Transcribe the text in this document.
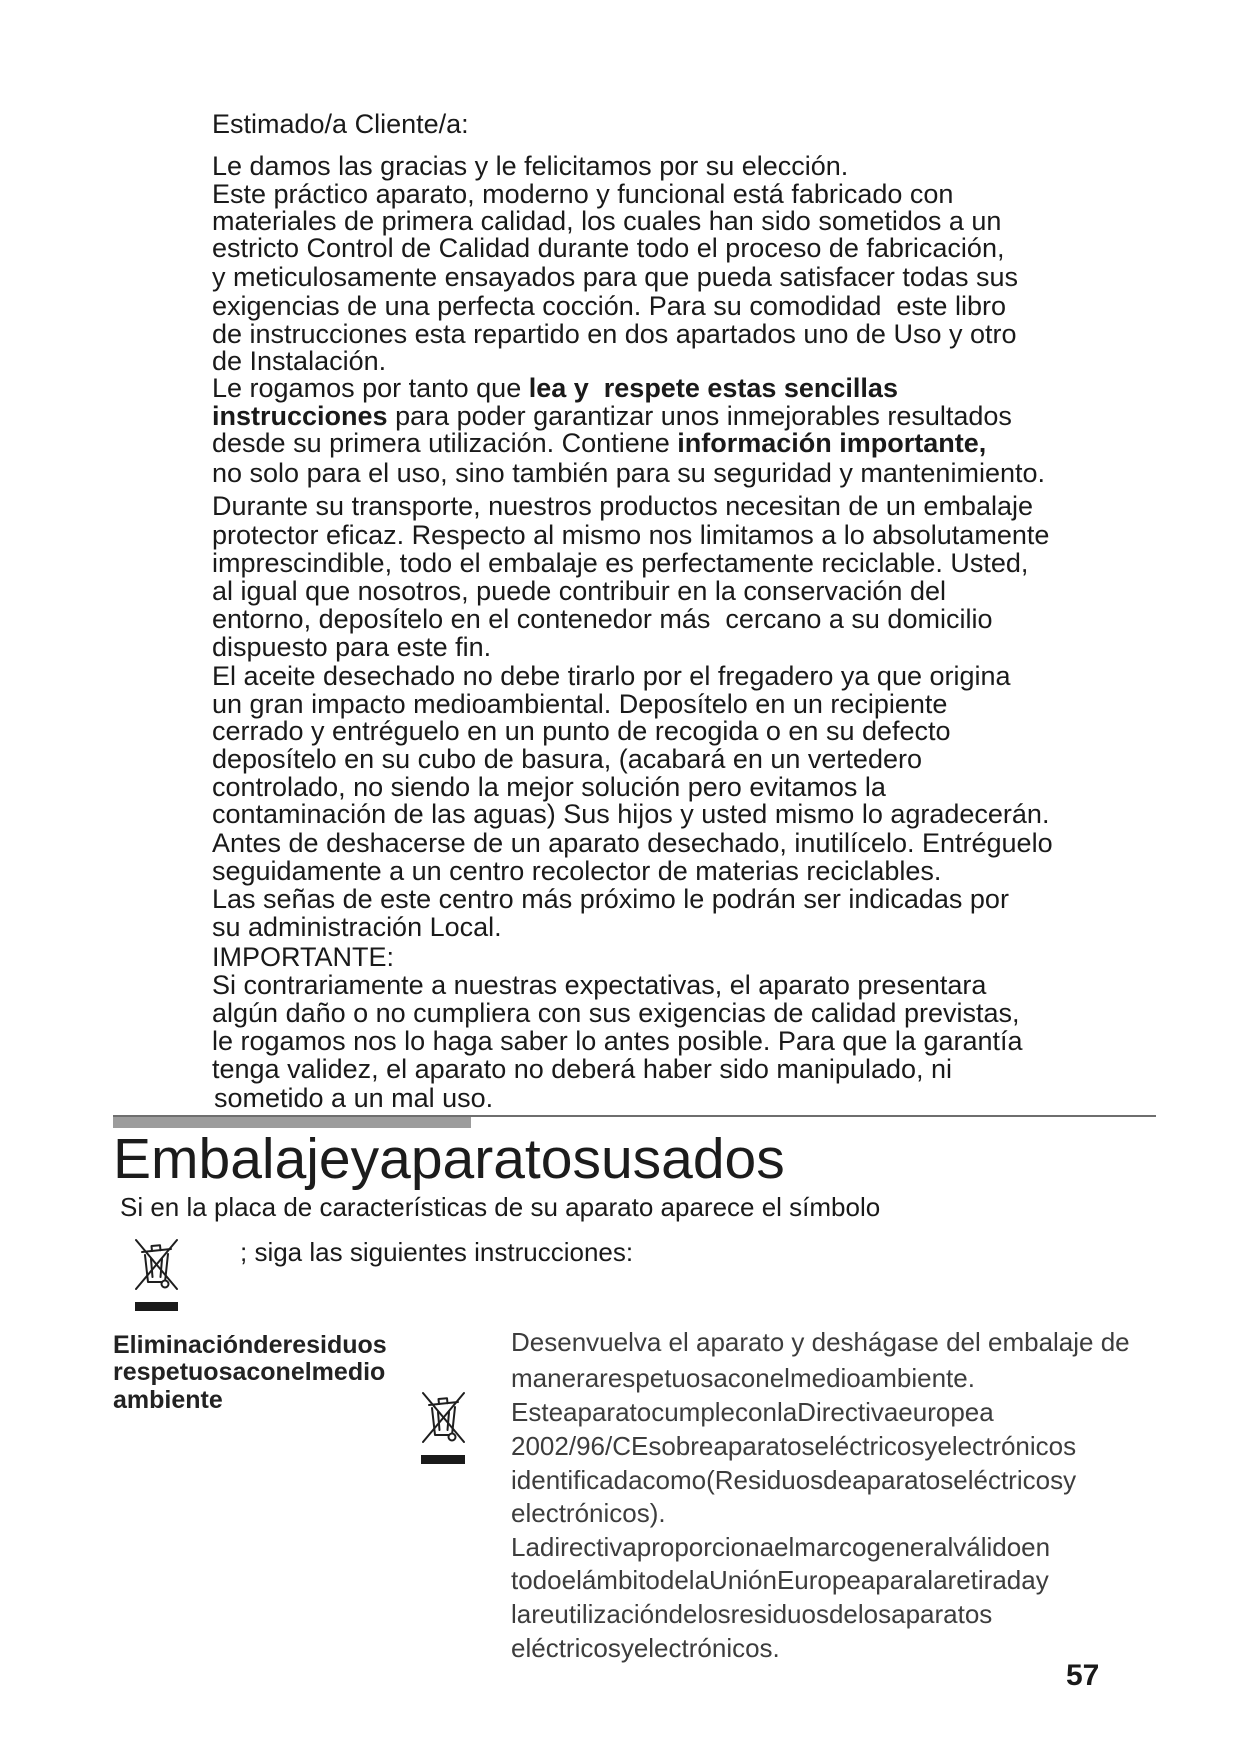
Estimado/a Cliente/a:
Le damos las gracias y le felicitamos por su elección.
Este práctico aparato, moderno y funcional está fabricado con
materiales de primera calidad, los cuales han sido sometidos a un
estricto Control de Calidad durante todo el proceso de fabricación,
y meticulosamente ensayados para que pueda satisfacer todas sus
exigencias de una perfecta cocción. Para su comodidad  este libro
de instrucciones esta repartido en dos apartados uno de Uso y otro
de Instalación.
Le rogamos por tanto que lea y  respete estas sencillas
instrucciones para poder garantizar unos inmejorables resultados
desde su primera utilización. Contiene información importante,
no solo para el uso, sino también para su seguridad y mantenimiento.
Durante su transporte, nuestros productos necesitan de un embalaje
protector eficaz. Respecto al mismo nos limitamos a lo absolutamente
imprescindible, todo el embalaje es perfectamente reciclable. Usted,
al igual que nosotros, puede contribuir en la conservación del
entorno, deposítelo en el contenedor más  cercano a su domicilio
dispuesto para este fin.
El aceite desechado no debe tirarlo por el fregadero ya que origina
un gran impacto medioambiental. Deposítelo en un recipiente
cerrado y entréguelo en un punto de recogida o en su defecto
deposítelo en su cubo de basura, (acabará en un vertedero
controlado, no siendo la mejor solución pero evitamos la
contaminación de las aguas) Sus hijos y usted mismo lo agradecerán.
Antes de deshacerse de un aparato desechado, inutilícelo. Entréguelo
seguidamente a un centro recolector de materias reciclables.
Las señas de este centro más próximo le podrán ser indicadas por
su administración Local.
IMPORTANTE:
Si contrariamente a nuestras expectativas, el aparato presentara
algún daño o no cumpliera con sus exigencias de calidad previstas,
le rogamos nos lo haga saber lo antes posible. Para que la garantía
tenga validez, el aparato no deberá haber sido manipulado, ni
sometido a un mal uso.
Embalajeyaparatosusados
Si en la placa de características de su aparato aparece el símbolo
; siga las siguientes instrucciones:
Eliminaciónderesiduos
respetuosaconelmedio
ambiente
Desenvuelva el aparato y deshágase del embalaje de
manerarespetuosaconelmedioambiente.
EsteaparatocumpleconlaDirectivaeuropea
2002/96/CEsobreaparatoseléctricosyelectrónicos
identificadacomo(Residuosdeaparatoseléctricosy
electrónicos).
Ladirectivaproporcionaelmarcogeneralválidoen
todoelámbitodelaUniónEuropeaparalaretiraday
lareutilizacióndelosresiduosdelosaparatos
eléctricosyelectrónicos.
57
